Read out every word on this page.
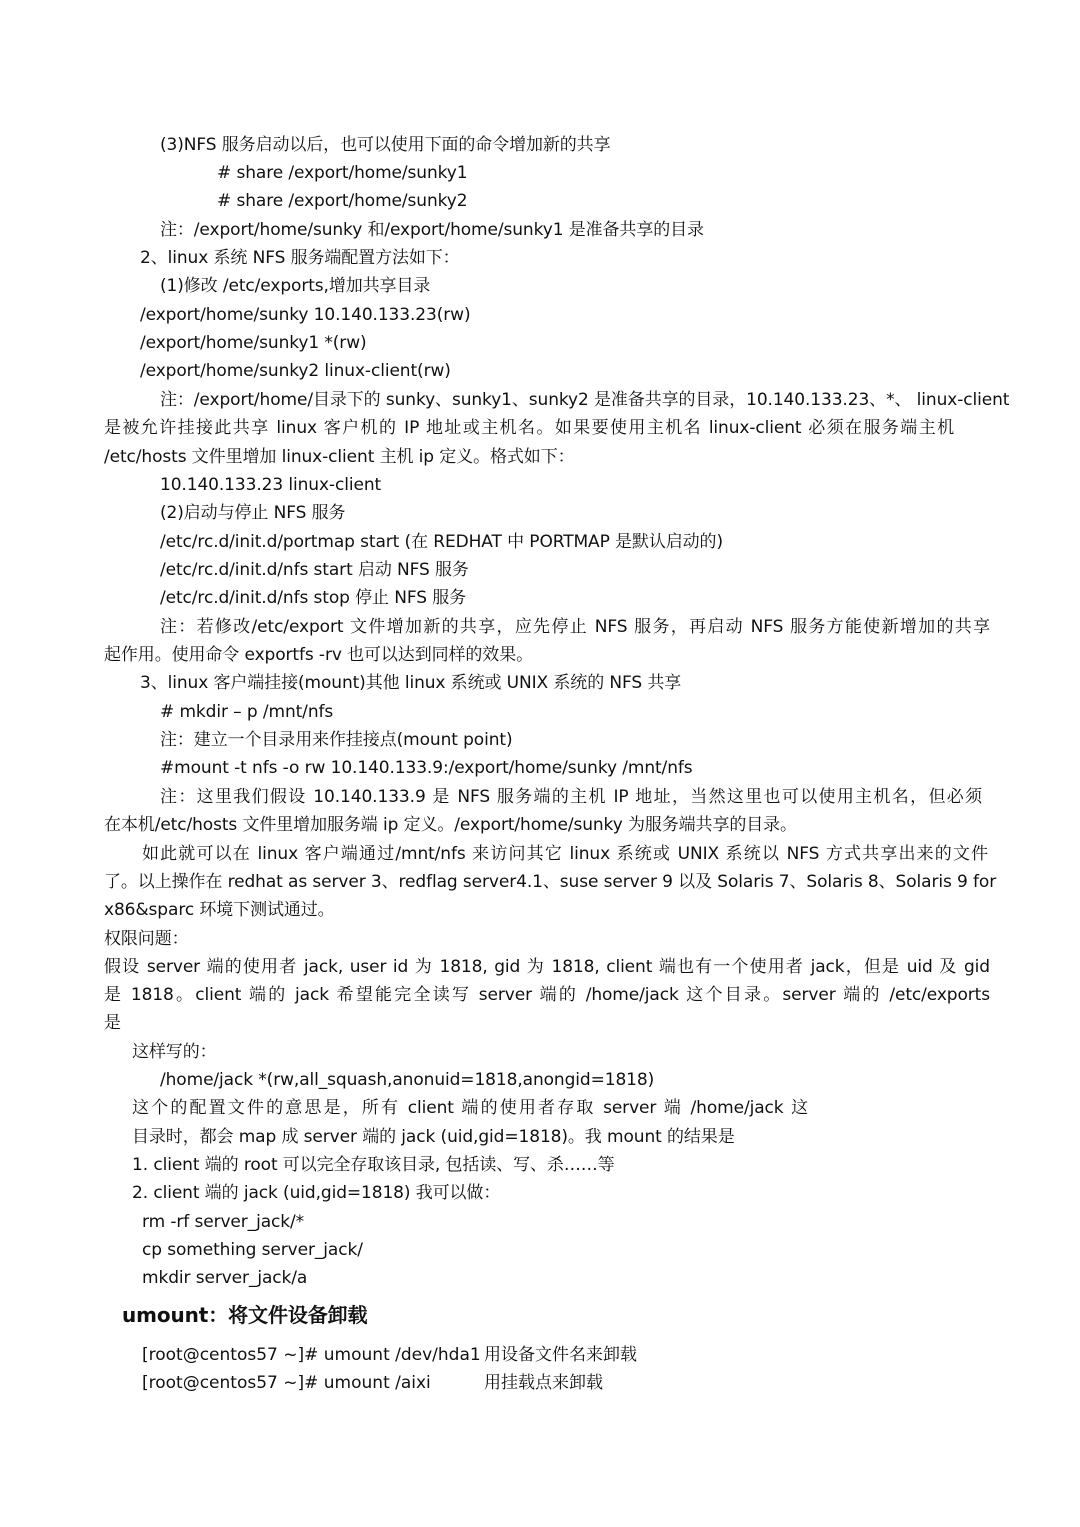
(3)NFS 服务启动以后，也可以使用下面的命令增加新的共享
# share /export/home/sunky1
# share /export/home/sunky2
注：/export/home/sunky 和/export/home/sunky1 是准备共享的目录
2、linux 系统 NFS 服务端配置方法如下：
(1)修改 /etc/exports,增加共享目录
/export/home/sunky 10.140.133.23(rw)
/export/home/sunky1 *(rw)
/export/home/sunky2 linux-client(rw)
注：/export/home/目录下的 sunky、sunky1、sunky2 是准备共享的目录，10.140.133.23、*、 linux-client
是被允许挂接此共享 linux 客户机的 IP 地址或主机名。如果要使用主机名 linux-client 必须在服务端主机
/etc/hosts 文件里增加 linux-client 主机 ip 定义。格式如下：
10.140.133.23 linux-client
(2)启动与停止 NFS 服务
/etc/rc.d/init.d/portmap start (在 REDHAT 中 PORTMAP 是默认启动的)
/etc/rc.d/init.d/nfs start 启动 NFS 服务
/etc/rc.d/init.d/nfs stop 停止 NFS 服务
注：若修改/etc/export 文件增加新的共享，应先停止 NFS 服务，再启动 NFS 服务方能使新增加的共享
起作用。使用命令 exportfs -rv 也可以达到同样的效果。
3、linux 客户端挂接(mount)其他 linux 系统或 UNIX 系统的 NFS 共享
# mkdir – p /mnt/nfs
注：建立一个目录用来作挂接点(mount point)
#mount -t nfs -o rw 10.140.133.9:/export/home/sunky /mnt/nfs
注：这里我们假设 10.140.133.9 是 NFS 服务端的主机 IP 地址，当然这里也可以使用主机名，但必须
在本机/etc/hosts 文件里增加服务端 ip 定义。/export/home/sunky 为服务端共享的目录。
如此就可以在 linux 客户端通过/mnt/nfs 来访问其它 linux 系统或 UNIX 系统以 NFS 方式共享出来的文件
了。以上操作在 redhat as server 3、redflag server4.1、suse server 9 以及 Solaris 7、Solaris 8、Solaris 9 for
x86&sparc 环境下测试通过。
权限问题：
假设 server 端的使用者 jack, user id 为 1818, gid 为 1818, client 端也有一个使用者 jack，但是 uid 及 gid
是 1818。client 端的 jack 希望能完全读写 server 端的 /home/jack 这个目录。server 端的 /etc/exports
是
这样写的：
/home/jack *(rw,all_squash,anonuid=1818,anongid=1818)
这个的配置文件的意思是，所有 client 端的使用者存取 server 端 /home/jack 这
目录时，都会 map 成 server 端的 jack (uid,gid=1818)。我 mount 的结果是
1. client 端的 root 可以完全存取该目录, 包括读、写、杀……等
2. client 端的 jack (uid,gid=1818) 我可以做：
rm -rf server_jack/*
cp something server_jack/
mkdir server_jack/a
umount：将文件设备卸载
[root@centos57 ~]# umount /dev/hda1 用设备文件名来卸载
[root@centos57 ~]# umount /aixi	用挂载点来卸载
